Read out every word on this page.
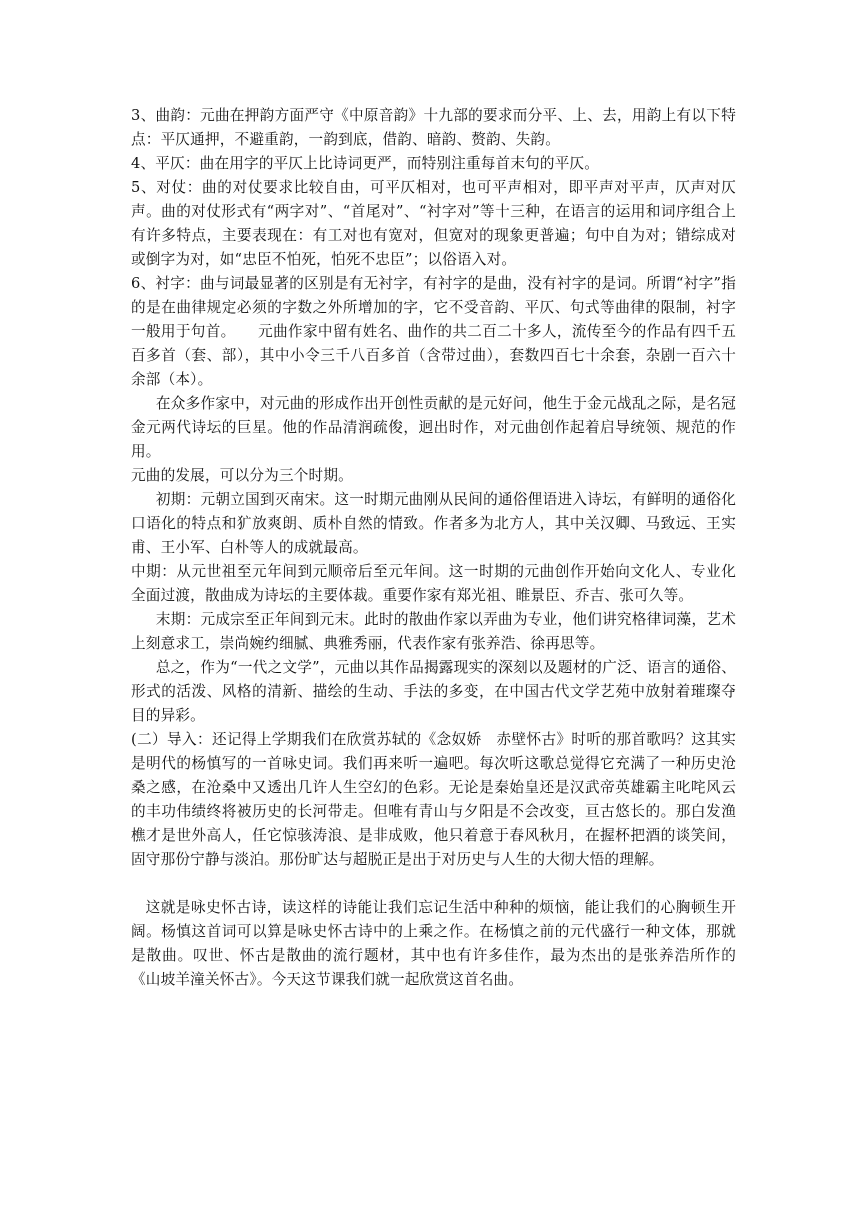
3、曲韵：元曲在押韵方面严守《中原音韵》十九部的要求而分平、上、去，用韵上有以下特点：平仄通押，不避重韵，一韵到底，借韵、暗韵、赘韵、失韵。

4、平仄：曲在用字的平仄上比诗词更严，而特别注重每首末句的平仄。

5、对仗：曲的对仗要求比较自由，可平仄相对，也可平声相对，即平声对平声，仄声对仄声。曲的对仗形式有“两字对”、“首尾对”、“衬字对”等十三种，在语言的运用和词序组合上有许多特点，主要表现在：有工对也有宽对，但宽对的现象更普遍；句中自为对；错综成对或倒字为对，如“忠臣不怕死，怕死不忠臣”；以俗语入对。

6、衬字：曲与词最显著的区别是有无衬字，有衬字的是曲，没有衬字的是词。所谓“衬字”指的是在曲律规定必须的字数之外所增加的字，它不受音韵、平仄、句式等曲律的限制，衬字一般用于句首。　　元曲作家中留有姓名、曲作的共二百二十多人，流传至今的作品有四千五百多首（套、部），其中小令三千八百多首（含带过曲），套数四百七十余套，杂剧一百六十余部（本）。

在众多作家中，对元曲的形成作出开创性贡献的是元好问，他生于金元战乱之际，是名冠金元两代诗坛的巨星。他的作品清润疏俊，迥出时作，对元曲创作起着启导统领、规范的作用。

元曲的发展，可以分为三个时期。

初期：元朝立国到灭南宋。这一时期元曲刚从民间的通俗俚语进入诗坛，有鲜明的通俗化口语化的特点和犷放爽朗、质朴自然的情致。作者多为北方人，其中关汉卿、马致远、王实甫、王小军、白朴等人的成就最高。

中期：从元世祖至元年间到元顺帝后至元年间。这一时期的元曲创作开始向文化人、专业化全面过渡，散曲成为诗坛的主要体裁。重要作家有郑光祖、睢景臣、乔吉、张可久等。

末期：元成宗至正年间到元末。此时的散曲作家以弄曲为专业，他们讲究格律词藻，艺术上刻意求工，崇尚婉约细腻、典雅秀丽，代表作家有张养浩、徐再思等。

总之，作为“一代之文学”，元曲以其作品揭露现实的深刻以及题材的广泛、语言的通俗、形式的活泼、风格的清新、描绘的生动、手法的多变，在中国古代文学艺苑中放射着璀璨夺目的异彩。

(二）导入：还记得上学期我们在欣赏苏轼的《念奴娇　赤壁怀古》时听的那首歌吗？这其实是明代的杨慎写的一首咏史词。我们再来听一遍吧。每次听这歌总觉得它充满了一种历史沧桑之感，在沧桑中又透出几许人生空幻的色彩。无论是秦始皇还是汉武帝英雄霸主叱咤风云的丰功伟绩终将被历史的长河带走。但唯有青山与夕阳是不会改变，亘古悠长的。那白发渔樵才是世外高人，任它惊骇涛浪、是非成败，他只着意于春风秋月，在握杯把酒的谈笑间，固守那份宁静与淡泊。那份旷达与超脱正是出于对历史与人生的大彻大悟的理解。

这就是咏史怀古诗，读这样的诗能让我们忘记生活中种种的烦恼，能让我们的心胸顿生开阔。杨慎这首词可以算是咏史怀古诗中的上乘之作。在杨慎之前的元代盛行一种文体，那就是散曲。叹世、怀古是散曲的流行题材，其中也有许多佳作，最为杰出的是张养浩所作的《山坡羊潼关怀古》。今天这节课我们就一起欣赏这首名曲。
